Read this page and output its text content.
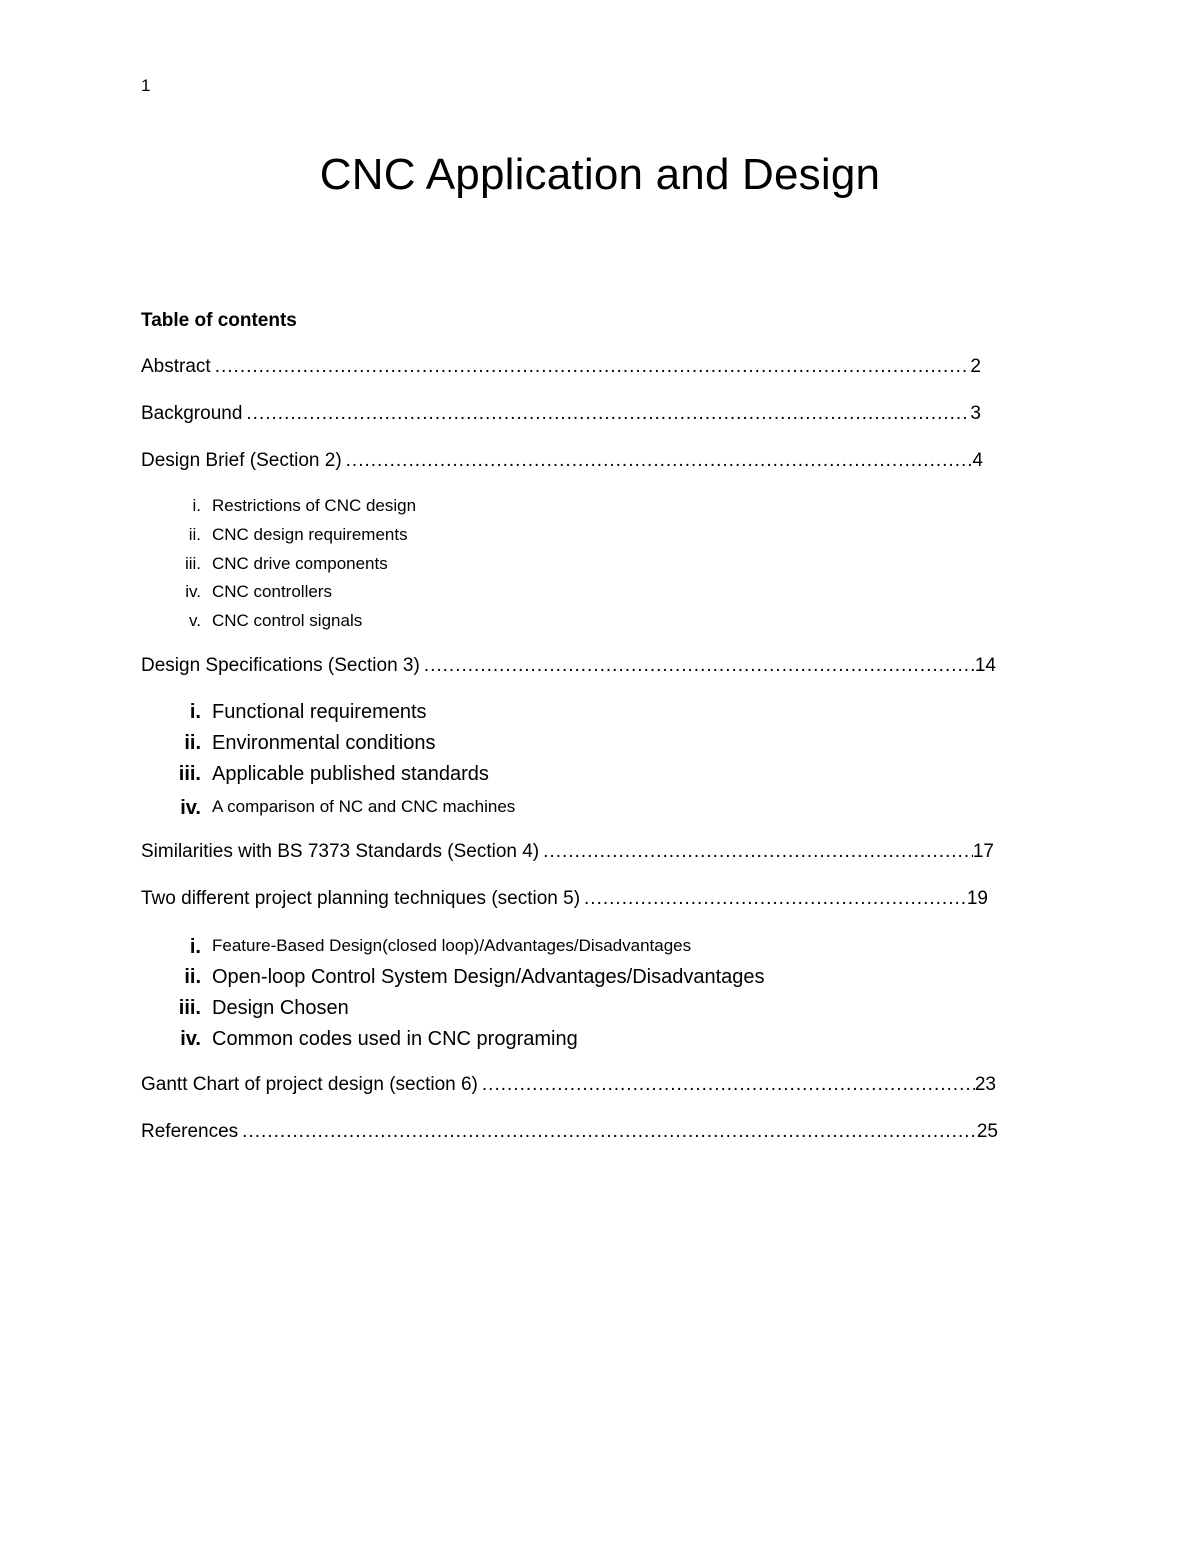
1
CNC Application and Design
Table of contents
Abstract .....	2
Background .....	3
Design Brief (Section 2) .....	4
i. Restrictions of CNC design
ii. CNC design requirements
iii. CNC drive components
iv. CNC controllers
v. CNC control signals
Design Specifications (Section 3) .....	14
i. Functional requirements
ii. Environmental conditions
iii. Applicable published standards
iv. A comparison of NC and CNC machines
Similarities with BS 7373 Standards (Section 4) .....	17
Two different project planning techniques (section 5) .....	19
i. Feature-Based Design(closed loop)/Advantages/Disadvantages
ii. Open-loop Control System Design/Advantages/Disadvantages
iii. Design Chosen
iv. Common codes used in CNC programing
Gantt Chart of project design (section 6) .....	23
References .....	25
